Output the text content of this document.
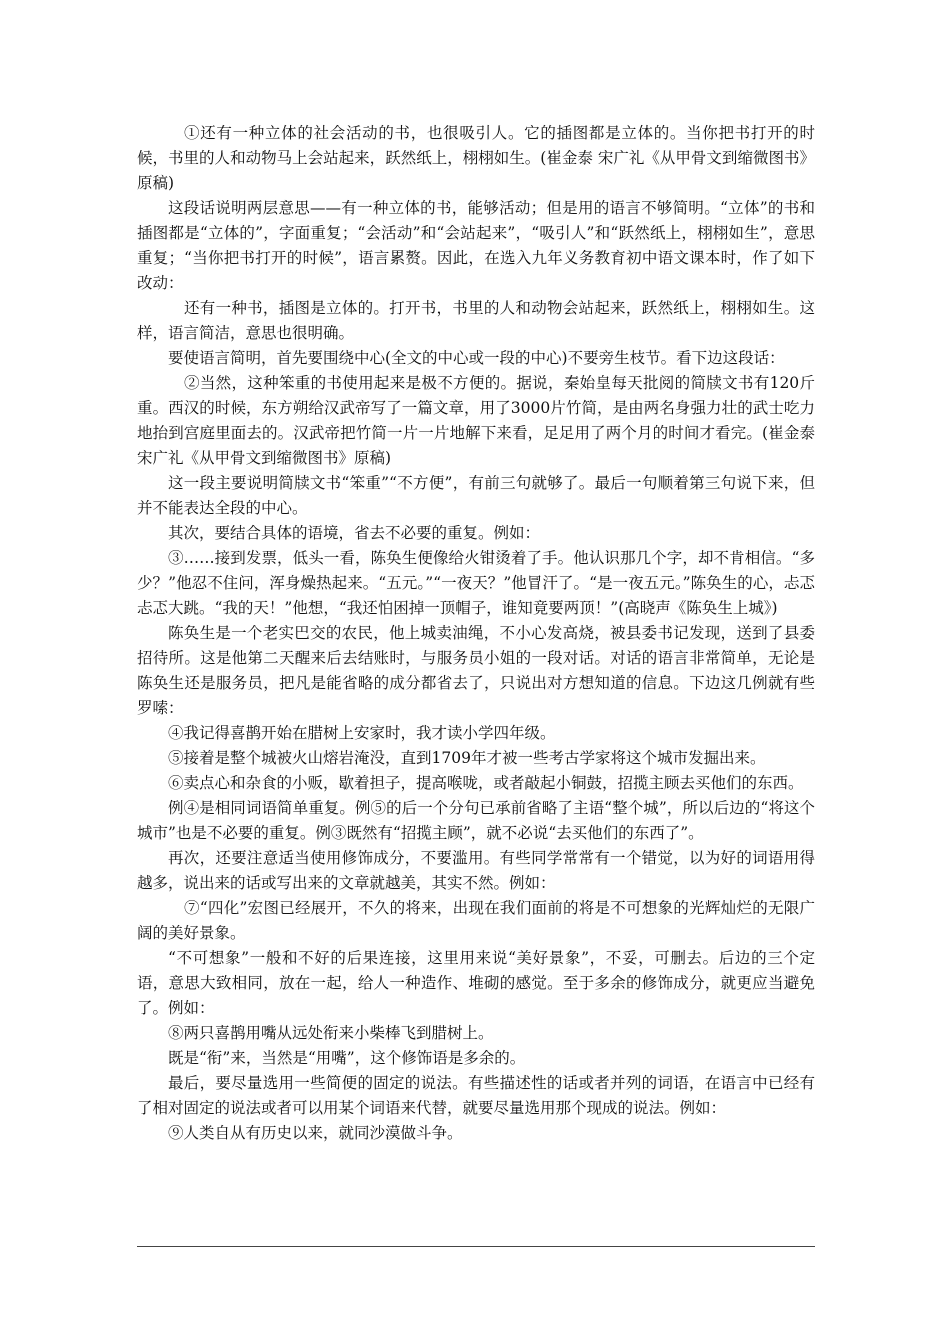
①还有一种立体的社会活动的书，也很吸引人。它的插图都是立体的。当你把书打开的时候，书里的人和动物马上会站起来，跃然纸上，栩栩如生。(崔金泰 宋广礼《从甲骨文到缩微图书》原稿)

这段话说明两层意思——有一种立体的书，能够活动；但是用的语言不够简明。“立体”的书和插图都是“立体的”，字面重复；“会活动”和“会站起来”，“吸引人”和“跃然纸上，栩栩如生”，意思重复；“当你把书打开的时候”，语言累赘。因此，在选入九年义务教育初中语文课本时，作了如下改动：

还有一种书，插图是立体的。打开书，书里的人和动物会站起来，跃然纸上，栩栩如生。这样，语言简洁，意思也很明确。

要使语言简明，首先要围绕中心(全文的中心或一段的中心)不要旁生枝节。看下边这段话：

②当然，这种笨重的书使用起来是极不方便的。据说，秦始皇每天批阅的简牍文书有120斤重。西汉的时候，东方朔给汉武帝写了一篇文章，用了3000片竹简，是由两名身强力壮的武士吃力地抬到宫庭里面去的。汉武帝把竹简一片一片地解下来看，足足用了两个月的时间才看完。(崔金泰 宋广礼《从甲骨文到缩微图书》原稿)

这一段主要说明简牍文书“笨重”“不方便”，有前三句就够了。最后一句顺着第三句说下来，但并不能表达全段的中心。

其次，要结合具体的语境，省去不必要的重复。例如：

③……接到发票，低头一看，陈奂生便像给火钳烫着了手。他认识那几个字，却不肯相信。“多少？”他忍不住问，浑身燥热起来。“五元。”“一夜天？”他冒汗了。“是一夜五元。”陈奂生的心，忐忑忐忑大跳。“我的天！”他想，“我还怕困掉一顶帽子，谁知竟要两顶！”(高晓声《陈奂生上城》)

陈奂生是一个老实巴交的农民，他上城卖油绳，不小心发高烧，被县委书记发现，送到了县委招待所。这是他第二天醒来后去结账时，与服务员小姐的一段对话。对话的语言非常简单，无论是陈奂生还是服务员，把凡是能省略的成分都省去了，只说出对方想知道的信息。下边这几例就有些罗嗦：

④我记得喜鹊开始在腊树上安家时，我才读小学四年级。

⑤接着是整个城被火山熔岩淹没，直到1709年才被一些考古学家将这个城市发掘出来。

⑥卖点心和杂食的小贩，歇着担子，提高喉咙，或者敲起小铜鼓，招揽主顾去买他们的东西。

例④是相同词语简单重复。例⑤的后一个分句已承前省略了主语“整个城”，所以后边的“将这个城市”也是不必要的重复。例③既然有“招揽主顾”，就不必说“去买他们的东西了”。

再次，还要注意适当使用修饰成分，不要滥用。有些同学常常有一个错觉，以为好的词语用得越多，说出来的话或写出来的文章就越美，其实不然。例如：

⑦“四化”宏图已经展开，不久的将来，出现在我们面前的将是不可想象的光辉灿烂的无限广阔的美好景象。

“不可想象”一般和不好的后果连接，这里用来说“美好景象”，不妥，可删去。后边的三个定语，意思大致相同，放在一起，给人一种造作、堆砌的感觉。至于多余的修饰成分，就更应当避免了。例如：

⑧两只喜鹊用嘴从远处衔来小柴棒飞到腊树上。

既是“衔”来，当然是“用嘴”，这个修饰语是多余的。

最后，要尽量选用一些简便的固定的说法。有些描述性的话或者并列的词语，在语言中已经有了相对固定的说法或者可以用某个词语来代替，就要尽量选用那个现成的说法。例如：

⑨人类自从有历史以来，就同沙漠做斗争。
